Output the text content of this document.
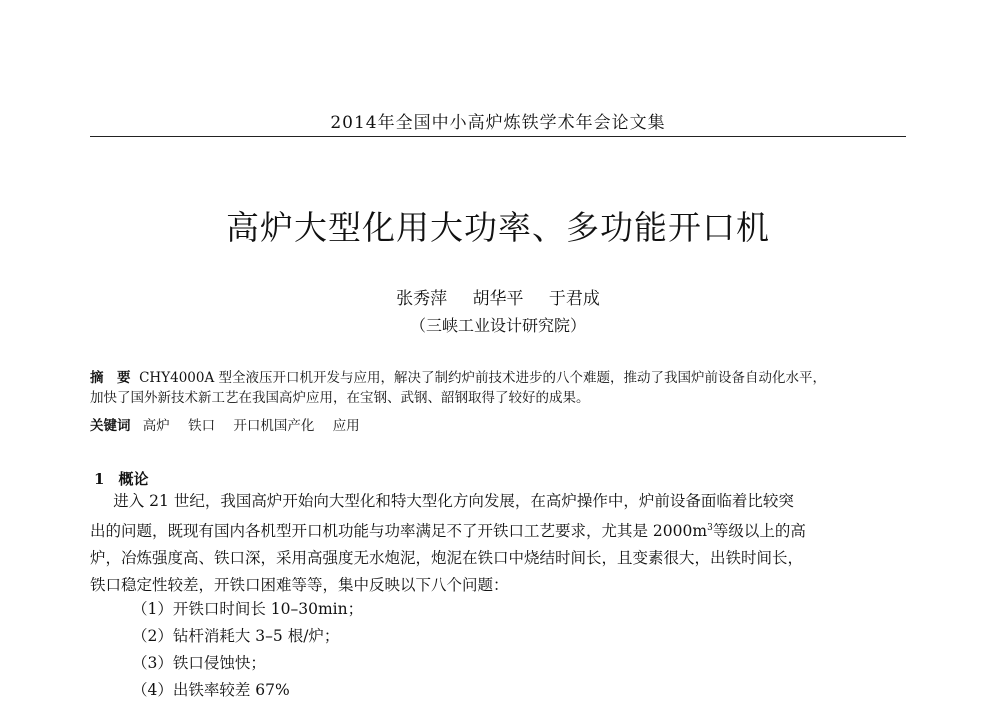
2014年全国中小高炉炼铁学术年会论文集
高炉大型化用大功率、多功能开口机
张秀萍 胡华平 于君成
（三峡工业设计研究院）
摘　要 CHY4000A 型全液压开口机开发与应用，解决了制约炉前技术进步的八个难题，推动了我国炉前设备自动化水平，
加快了国外新技术新工艺在我国高炉应用，在宝钢、武钢、韶钢取得了较好的成果。
关键词 高炉 铁口 开口机国产化 应用
1 概论
  进入 21 世纪，我国高炉开始向大型化和特大型化方向发展，在高炉操作中，炉前设备面临着比较突
出的问题，既现有国内各机型开口机功能与功率满足不了开铁口工艺要求，尤其是 $2000m^3$等级以上的高
炉，冶炼强度高、铁口深，采用高强度无水炮泥，炮泥在铁口中烧结时间长，且变素很大，出铁时间长，
铁口稳定性较差，开铁口困难等等，集中反映以下八个问题：
（1）开铁口时间长 10–30min；
（2）钻杆消耗大 3–5 根/炉；
（3）铁口侵蚀快；
（4）出铁率较差 67%
